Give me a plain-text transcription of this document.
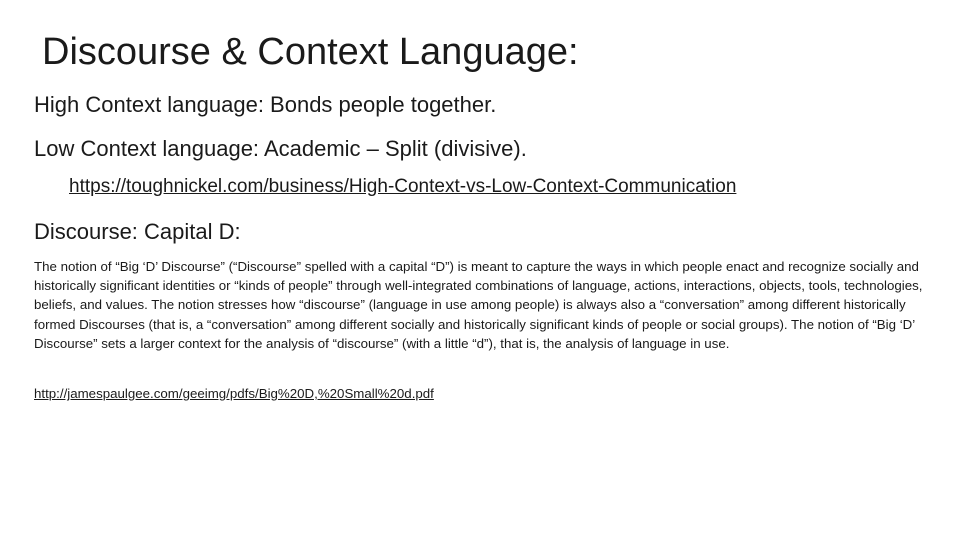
Discourse & Context Language:
High Context language: Bonds people together.
Low Context language: Academic – Split (divisive).
https://toughnickel.com/business/High-Context-vs-Low-Context-Communication
Discourse: Capital D:
The notion of “Big ‘D’ Discourse” (“Discourse” spelled with a capital “D”) is meant to capture the ways in which people enact and recognize socially and historically significant identities or “kinds of people” through well-integrated combinations of language, actions, interactions, objects, tools, technologies, beliefs, and values. The notion stresses how “discourse” (language in use among people) is always also a “conversation” among different historically formed Discourses (that is, a “conversation” among different socially and historically significant kinds of people or social groups). The notion of “Big ‘D’ Discourse” sets a larger context for the analysis of “discourse” (with a little “d”), that is, the analysis of language in use.
http://jamespaulgee.com/geeimg/pdfs/Big%20D,%20Small%20d.pdf
